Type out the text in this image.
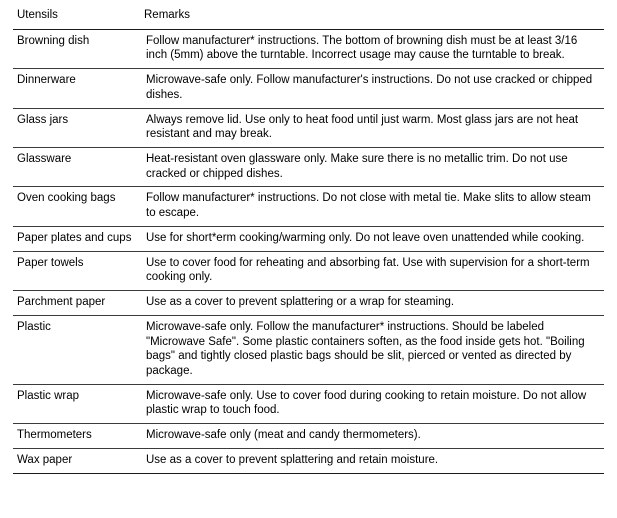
Utensils	Remarks
Browning dish	Follow manufacturer* instructions. The bottom of browning dish must be at least 3/16 inch (5mm) above the turntable. Incorrect usage may cause the turntable to break.
Dinnerware	Microwave-safe only. Follow manufacturer's instructions. Do not use cracked or chipped dishes.
Glass jars	Always remove lid. Use only to heat food until just warm. Most glass jars are not heat resistant and may break.
Glassware	Heat-resistant oven glassware only. Make sure there is no metallic trim. Do not use cracked or chipped dishes.
Oven cooking bags	Follow manufacturer* instructions. Do not close with metal tie. Make slits to allow steam to escape.
Paper plates and cups	Use for short*erm cooking/warming only. Do not leave oven unattended while cooking.
Paper towels	Use to cover food for reheating and absorbing fat. Use with supervision for a short-term cooking only.
Parchment paper	Use as a cover to prevent splattering or a wrap for steaming.
Plastic	Microwave-safe only. Follow the manufacturer* instructions. Should be labeled "Microwave Safe". Some plastic containers soften, as the food inside gets hot. "Boiling bags" and tightly closed plastic bags should be slit, pierced or vented as directed by package.
Plastic wrap	Microwave-safe only. Use to cover food during cooking to retain moisture. Do not allow plastic wrap to touch food.
Thermometers	Microwave-safe only (meat and candy thermometers).
Wax paper	Use as a cover to prevent splattering and retain moisture.
